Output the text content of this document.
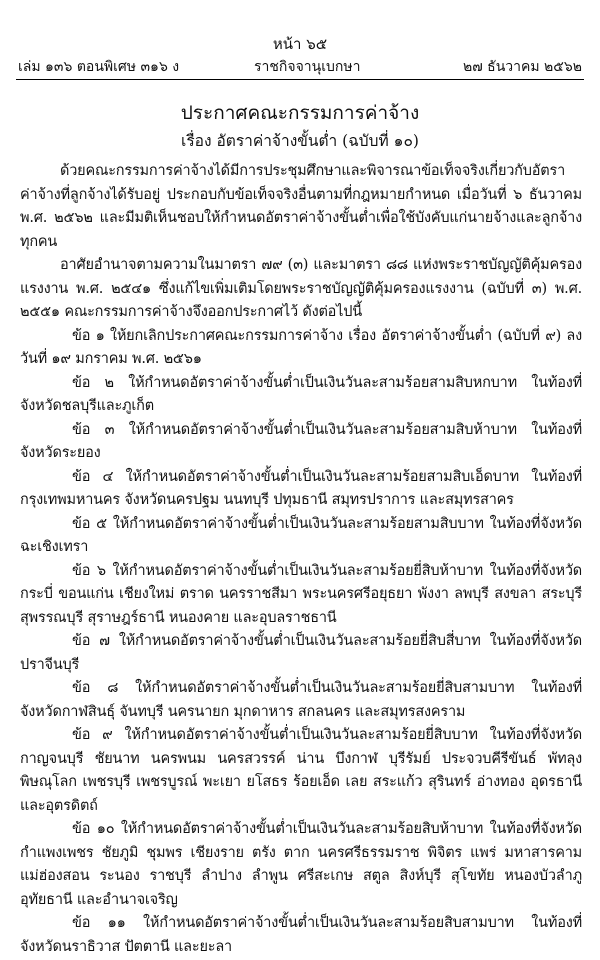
หน้า ๖๕
เล่ม ๑๓๖ ตอนพิเศษ ๓๑๖ ง	ราชกิจจานุเบกษา	๒๗ ธันวาคม ๒๕๖๒
ประกาศคณะกรรมการค่าจ้าง
เรื่อง อัตราค่าจ้างขั้นต่ำ (ฉบับที่ ๑๐)

ด้วยคณะกรรมการค่าจ้างได้มีการประชุมศึกษาและพิจารณาข้อเท็จจริงเกี่ยวกับอัตราค่าจ้างที่ลูกจ้างได้รับอยู่ ประกอบกับข้อเท็จจริงอื่นตามที่กฎหมายกำหนด เมื่อวันที่ ๖ ธันวาคม พ.ศ. ๒๕๖๒ และมีมติเห็นชอบให้กำหนดอัตราค่าจ้างขั้นต่ำเพื่อใช้บังคับแก่นายจ้างและลูกจ้างทุกคน

อาศัยอำนาจตามความในมาตรา ๗๙ (๓) และมาตรา ๘๘ แห่งพระราชบัญญัติคุ้มครองแรงงาน พ.ศ. ๒๕๔๑ ซึ่งแก้ไขเพิ่มเติมโดยพระราชบัญญัติคุ้มครองแรงงาน (ฉบับที่ ๓) พ.ศ. ๒๕๕๑ คณะกรรมการค่าจ้างจึงออกประกาศไว้ ดังต่อไปนี้

ข้อ ๑ ให้ยกเลิกประกาศคณะกรรมการค่าจ้าง เรื่อง อัตราค่าจ้างขั้นต่ำ (ฉบับที่ ๙) ลงวันที่ ๑๙ มกราคม พ.ศ. ๒๕๖๑

ข้อ ๒ ให้กำหนดอัตราค่าจ้างขั้นต่ำเป็นเงินวันละสามร้อยสามสิบหกบาท ในท้องที่จังหวัดชลบุรีและภูเก็ต

ข้อ ๓ ให้กำหนดอัตราค่าจ้างขั้นต่ำเป็นเงินวันละสามร้อยสามสิบห้าบาท ในท้องที่จังหวัดระยอง

ข้อ ๔ ให้กำหนดอัตราค่าจ้างขั้นต่ำเป็นเงินวันละสามร้อยสามสิบเอ็ดบาท ในท้องที่กรุงเทพมหานคร จังหวัดนครปฐม นนทบุรี ปทุมธานี สมุทรปราการ และสมุทรสาคร

ข้อ ๕ ให้กำหนดอัตราค่าจ้างขั้นต่ำเป็นเงินวันละสามร้อยสามสิบบาท ในท้องที่จังหวัดฉะเชิงเทรา

ข้อ ๖ ให้กำหนดอัตราค่าจ้างขั้นต่ำเป็นเงินวันละสามร้อยยี่สิบห้าบาท ในท้องที่จังหวัดกระบี่ ขอนแก่น เชียงใหม่ ตราด นครราชสีมา พระนครศรีอยุธยา พังงา ลพบุรี สงขลา สระบุรี สุพรรณบุรี สุราษฎร์ธานี หนองคาย และอุบลราชธานี

ข้อ ๗ ให้กำหนดอัตราค่าจ้างขั้นต่ำเป็นเงินวันละสามร้อยยี่สิบสี่บาท ในท้องที่จังหวัดปราจีนบุรี

ข้อ ๘ ให้กำหนดอัตราค่าจ้างขั้นต่ำเป็นเงินวันละสามร้อยยี่สิบสามบาท ในท้องที่จังหวัดกาฬสินธุ์ จันทบุรี นครนายก มุกดาหาร สกลนคร และสมุทรสงคราม

ข้อ ๙ ให้กำหนดอัตราค่าจ้างขั้นต่ำเป็นเงินวันละสามร้อยยี่สิบบาท ในท้องที่จังหวัดกาญจนบุรี ชัยนาท นครพนม นครสวรรค์ น่าน บึงกาฬ บุรีรัมย์ ประจวบคีรีขันธ์ พัทลุง พิษณุโลก เพชรบุรี เพชรบูรณ์ พะเยา ยโสธร ร้อยเอ็ด เลย สระแก้ว สุรินทร์ อ่างทอง อุดรธานี และอุตรดิตถ์

ข้อ ๑๐ ให้กำหนดอัตราค่าจ้างขั้นต่ำเป็นเงินวันละสามร้อยสิบห้าบาท ในท้องที่จังหวัดกำแพงเพชร ชัยภูมิ ชุมพร เชียงราย ตรัง ตาก นครศรีธรรมราช พิจิตร แพร่ มหาสารคาม แม่ฮ่องสอน ระนอง ราชบุรี ลำปาง ลำพูน ศรีสะเกษ สตูล สิงห์บุรี สุโขทัย หนองบัวลำภู อุทัยธานี และอำนาจเจริญ

ข้อ ๑๑ ให้กำหนดอัตราค่าจ้างขั้นต่ำเป็นเงินวันละสามร้อยสิบสามบาท ในท้องที่จังหวัดนราธิวาส ปัตตานี และยะลา
